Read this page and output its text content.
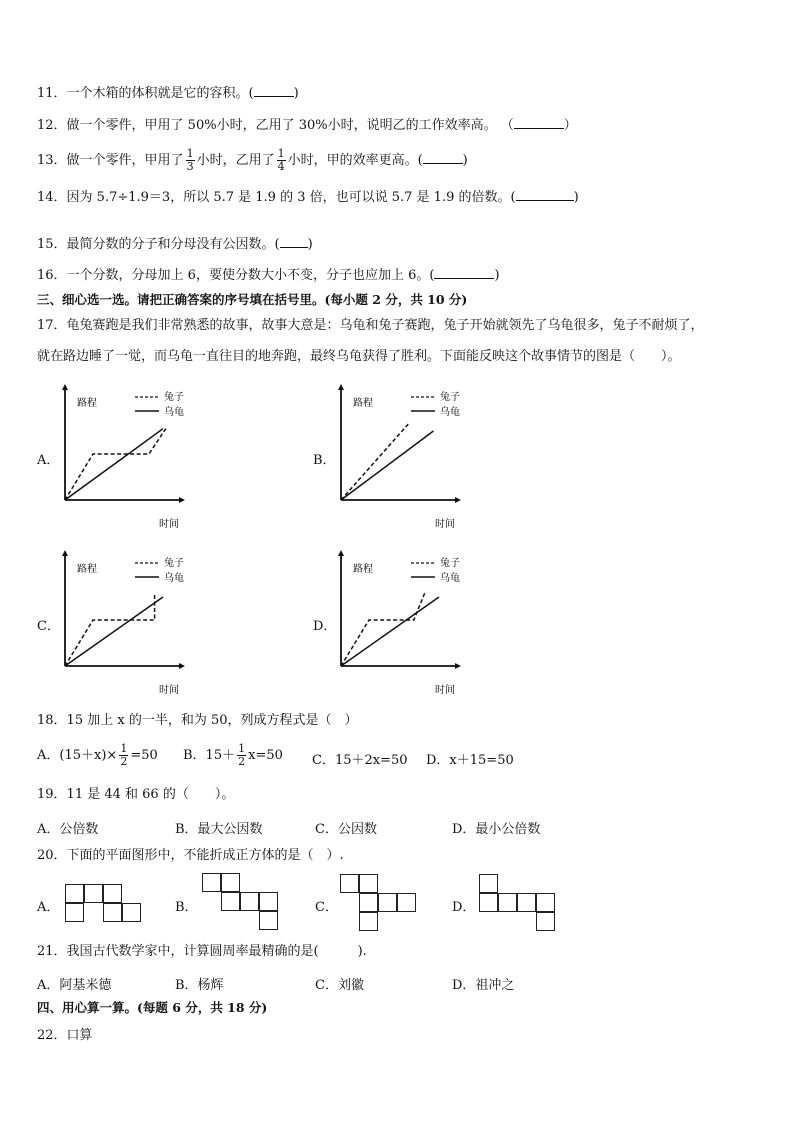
11．一个木箱的体积就是它的容积。(	)
12．做一个零件，甲用了 50%小时，乙用了 30%小时，说明乙的工作效率高。 （	）
13．做一个零件，甲用了 $\frac{1}{3}$ 小时，乙用了 $\frac{1}{4}$ 小时，甲的效率更高。(	)
14．因为 5.7÷1.9＝3，所以 5.7 是 1.9 的 3 倍，也可以说 5.7 是 1.9 的倍数。(	)
15．最简分数的分子和分母没有公因数。( )
16．一个分数，分母加上 6，要使分数大小不变，分子也应加上 6。(	)
三、细心选一选。请把正确答案的序号填在括号里。(每小题 2 分，共 10 分)
17．龟兔赛跑是我们非常熟悉的故事，故事大意是：乌龟和兔子赛跑，兔子开始就领先了乌龟很多，兔子不耐烦了，
就在路边睡了一觉，而乌龟一直往目的地奔跑，最终乌龟获得了胜利。下面能反映这个故事情节的图是（　　）。
A．
路程
时间
兔子
乌龟
B．
路程
时间
兔子
乌龟
C．
路程
时间
兔子
乌龟
D．
路程
时间
兔子
乌龟
18．15 加上 x 的一半，和为 50，列成方程式是（　）
A．$(15+x)\times \frac{1}{2} =50$ B．$15+ \frac{1}{2} x=50$ C．15＋2x=50 D．x＋15=50
19．11 是 44 和 66 的（　　）。
A．公倍数	B．最大公因数	C．公因数	D．最小公倍数
20．下面的平面图形中，不能折成正方体的是（　）.
A．	B．	C．	D．
21．我国古代数学家中，计算圆周率最精确的是(　　　).
A．阿基米德	B．杨辉	C．刘徽	D．祖冲之
四、用心算一算。(每题 6 分，共 18 分)
22．口算
